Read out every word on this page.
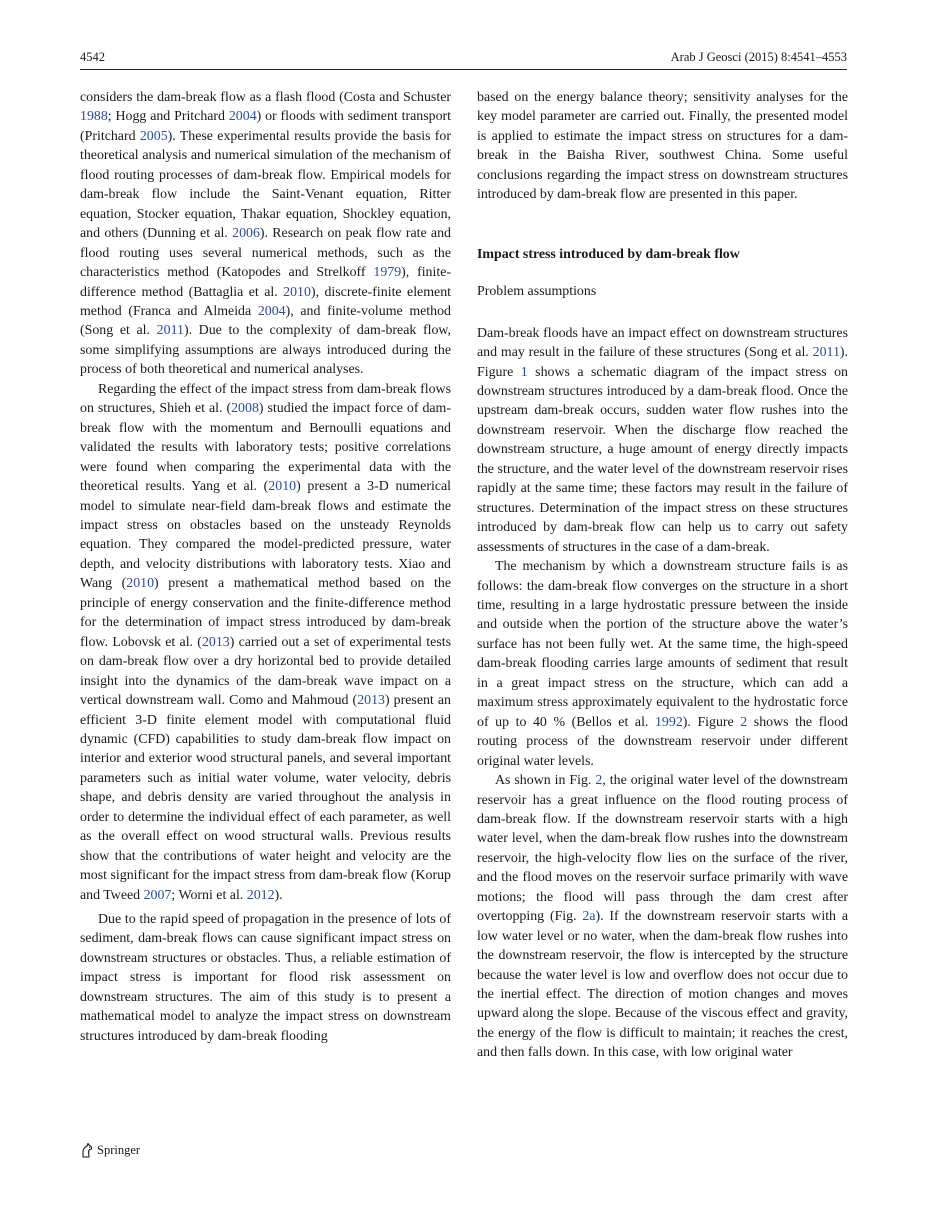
4542	Arab J Geosci (2015) 8:4541–4553

considers the dam-break flow as a flash flood (Costa and Schuster 1988; Hogg and Pritchard 2004) or floods with sediment transport (Pritchard 2005). These experimental results provide the basis for theoretical analysis and numerical simulation of the mechanism of flood routing processes of dam-break flow. Empirical models for dam-break flow include the Saint-Venant equation, Ritter equation, Stocker equation, Thakar equation, Shockley equation, and others (Dunning et al. 2006). Research on peak flow rate and flood routing uses several numerical methods, such as the characteristics method (Katopodes and Strelkoff 1979), finite-difference method (Battaglia et al. 2010), discrete-finite element method (Franca and Almeida 2004), and finite-volume method (Song et al. 2011). Due to the complexity of dam-break flow, some simplifying assumptions are always introduced during the process of both theoretical and numerical analyses.

Regarding the effect of the impact stress from dam-break flows on structures, Shieh et al. (2008) studied the impact force of dam-break flow with the momentum and Bernoulli equations and validated the results with laboratory tests; positive correlations were found when comparing the experimental data with the theoretical results. Yang et al. (2010) present a 3-D numerical model to simulate near-field dam-break flows and estimate the impact stress on obstacles based on the unsteady Reynolds equation. They compared the model-predicted pressure, water depth, and velocity distributions with laboratory tests. Xiao and Wang (2010) present a mathematical method based on the principle of energy conservation and the finite-difference method for the determination of impact stress introduced by dam-break flow. Lobovsk et al. (2013) carried out a set of experimental tests on dam-break flow over a dry horizontal bed to provide detailed insight into the dynamics of the dam-break wave impact on a vertical downstream wall. Como and Mahmoud (2013) present an efficient 3-D finite element model with computational fluid dynamic (CFD) capabilities to study dam-break flow impact on interior and exterior wood structural panels, and several important parameters such as initial water volume, water velocity, debris shape, and debris density are varied throughout the analysis in order to determine the individual effect of each parameter, as well as the overall effect on wood structural walls. Previous results show that the contributions of water height and velocity are the most significant for the impact stress from dam-break flow (Korup and Tweed 2007; Worni et al. 2012).

Due to the rapid speed of propagation in the presence of lots of sediment, dam-break flows can cause significant impact stress on downstream structures or obstacles. Thus, a reliable estimation of impact stress is important for flood risk assessment on downstream structures. The aim of this study is to present a mathematical model to analyze the impact stress on downstream structures introduced by dam-break flooding

based on the energy balance theory; sensitivity analyses for the key model parameter are carried out. Finally, the presented model is applied to estimate the impact stress on structures for a dam-break in the Baisha River, southwest China. Some useful conclusions regarding the impact stress on downstream structures introduced by dam-break flow are presented in this paper.

Impact stress introduced by dam-break flow
Problem assumptions

Dam-break floods have an impact effect on downstream structures and may result in the failure of these structures (Song et al. 2011). Figure 1 shows a schematic diagram of the impact stress on downstream structures introduced by a dam-break flood. Once the upstream dam-break occurs, sudden water flow rushes into the downstream reservoir. When the discharge flow reached the downstream structure, a huge amount of energy directly impacts the structure, and the water level of the downstream reservoir rises rapidly at the same time; these factors may result in the failure of structures. Determination of the impact stress on these structures introduced by dam-break flow can help us to carry out safety assessments of structures in the case of a dam-break.

The mechanism by which a downstream structure fails is as follows: the dam-break flow converges on the structure in a short time, resulting in a large hydrostatic pressure between the inside and outside when the portion of the structure above the water’s surface has not been fully wet. At the same time, the high-speed dam-break flooding carries large amounts of sediment that result in a great impact stress on the structure, which can add a maximum stress approximately equivalent to the hydrostatic force of up to 40 % (Bellos et al. 1992). Figure 2 shows the flood routing process of the downstream reservoir under different original water levels.

As shown in Fig. 2, the original water level of the downstream reservoir has a great influence on the flood routing process of dam-break flow. If the downstream reservoir starts with a high water level, when the dam-break flow rushes into the downstream reservoir, the high-velocity flow lies on the surface of the river, and the flood moves on the reservoir surface primarily with wave motions; the flood will pass through the dam crest after overtopping (Fig. 2a). If the downstream reservoir starts with a low water level or no water, when the dam-break flow rushes into the downstream reservoir, the flow is intercepted by the structure because the water level is low and overflow does not occur due to the inertial effect. The direction of motion changes and moves upward along the slope. Because of the viscous effect and gravity, the energy of the flow is difficult to maintain; it reaches the crest, and then falls down. In this case, with low original water

Springer
